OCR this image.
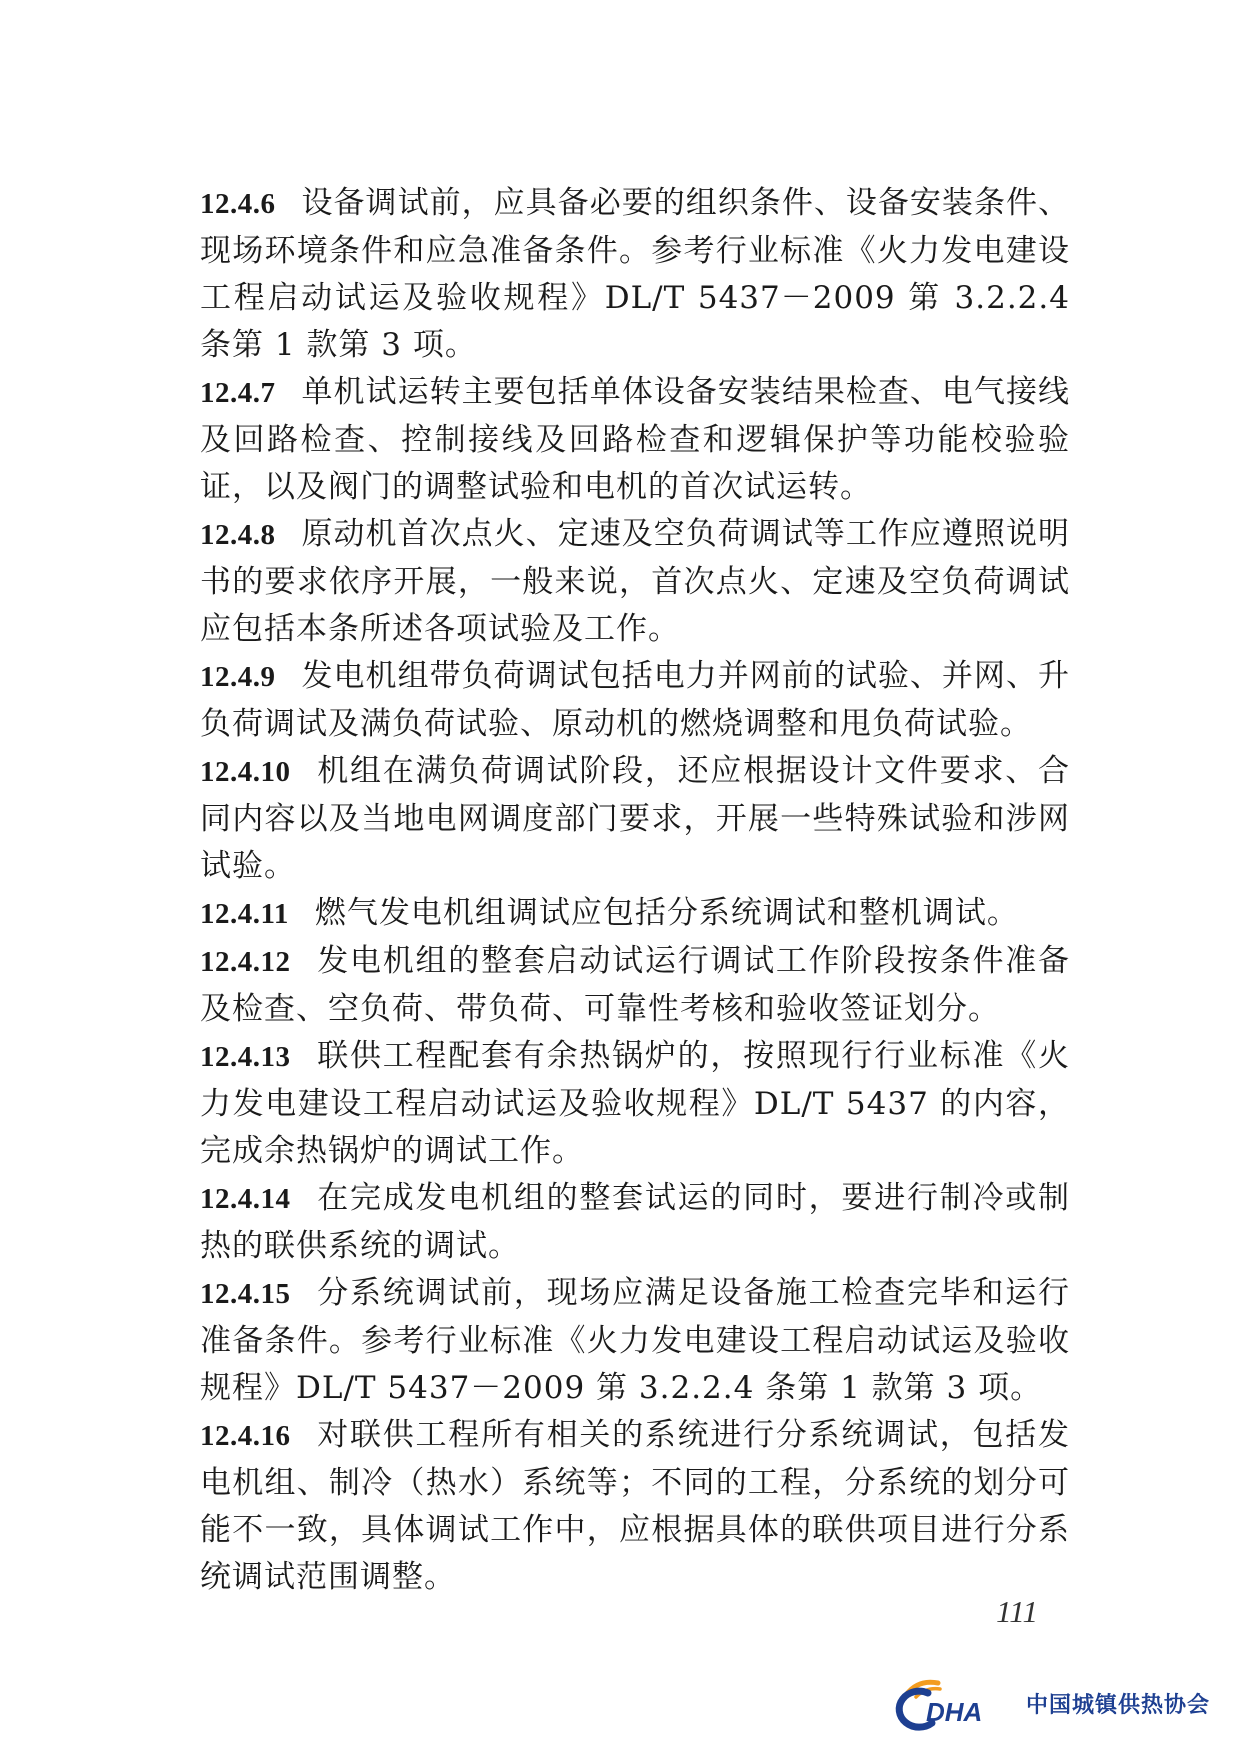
12.4.6 设备调试前，应具备必要的组织条件、设备安装条件、现场环境条件和应急准备条件。参考行业标准《火力发电建设工程启动试运及验收规程》DL/T 5437－2009 第 3.2.2.4 条第 1 款第 3 项。

12.4.7 单机试运转主要包括单体设备安装结果检查、电气接线及回路检查、控制接线及回路检查和逻辑保护等功能校验验证，以及阀门的调整试验和电机的首次试运转。

12.4.8 原动机首次点火、定速及空负荷调试等工作应遵照说明书的要求依序开展，一般来说，首次点火、定速及空负荷调试应包括本条所述各项试验及工作。

12.4.9 发电机组带负荷调试包括电力并网前的试验、并网、升负荷调试及满负荷试验、原动机的燃烧调整和甩负荷试验。

12.4.10 机组在满负荷调试阶段，还应根据设计文件要求、合同内容以及当地电网调度部门要求，开展一些特殊试验和涉网试验。

12.4.11 燃气发电机组调试应包括分系统调试和整机调试。

12.4.12 发电机组的整套启动试运行调试工作阶段按条件准备及检查、空负荷、带负荷、可靠性考核和验收签证划分。

12.4.13 联供工程配套有余热锅炉的，按照现行行业标准《火力发电建设工程启动试运及验收规程》DL/T 5437 的内容，完成余热锅炉的调试工作。

12.4.14 在完成发电机组的整套试运的同时，要进行制冷或制热的联供系统的调试。

12.4.15 分系统调试前，现场应满足设备施工检查完毕和运行准备条件。参考行业标准《火力发电建设工程启动试运及验收规程》DL/T 5437－2009 第 3.2.2.4 条第 1 款第 3 项。

12.4.16 对联供工程所有相关的系统进行分系统调试，包括发电机组、制冷（热水）系统等；不同的工程，分系统的划分可能不一致，具体调试工作中，应根据具体的联供项目进行分系统调试范围调整。

111
DHA 中国城镇供热协会
